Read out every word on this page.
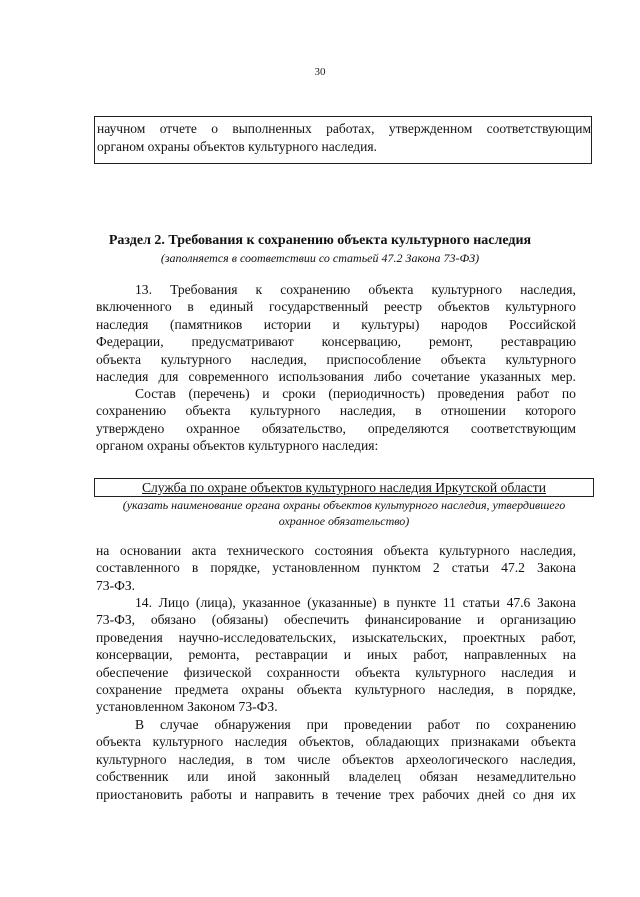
30
научном отчете о выполненных работах, утвержденном соответствующим
органом охраны объектов культурного наследия.
Раздел 2. Требования к сохранению объекта культурного наследия
(заполняется в соответствии со статьей 47.2 Закона 73-ФЗ)
13. Требования к сохранению объекта культурного наследия,
включенного в единый государственный реестр объектов культурного
наследия (памятников истории и культуры) народов Российской
Федерации, предусматривают консервацию, ремонт, реставрацию
объекта культурного наследия, приспособление объекта культурного
наследия для современного использования либо сочетание указанных мер.
Состав (перечень) и сроки (периодичность) проведения работ по
сохранению объекта культурного наследия, в отношении которого
утверждено охранное обязательство, определяются соответствующим
органом охраны объектов культурного наследия:
Служба по охране объектов культурного наследия Иркутской области
(указать наименование органа охраны объектов культурного наследия, утвердившего
охранное обязательство)
на основании акта технического состояния объекта культурного наследия,
составленного в порядке, установленном пунктом 2 статьи 47.2 Закона
73-ФЗ.
14. Лицо (лица), указанное (указанные) в пункте 11 статьи 47.6 Закона
73-ФЗ, обязано (обязаны) обеспечить финансирование и организацию
проведения научно-исследовательских, изыскательских, проектных работ,
консервации, ремонта, реставрации и иных работ, направленных на
обеспечение физической сохранности объекта культурного наследия и
сохранение предмета охраны объекта культурного наследия, в порядке,
установленном Законом 73-ФЗ.
В случае обнаружения при проведении работ по сохранению
объекта культурного наследия объектов, обладающих признаками объекта
культурного наследия, в том числе объектов археологического наследия,
собственник или иной законный владелец обязан незамедлительно
приостановить работы и направить в течение трех рабочих дней со дня их
